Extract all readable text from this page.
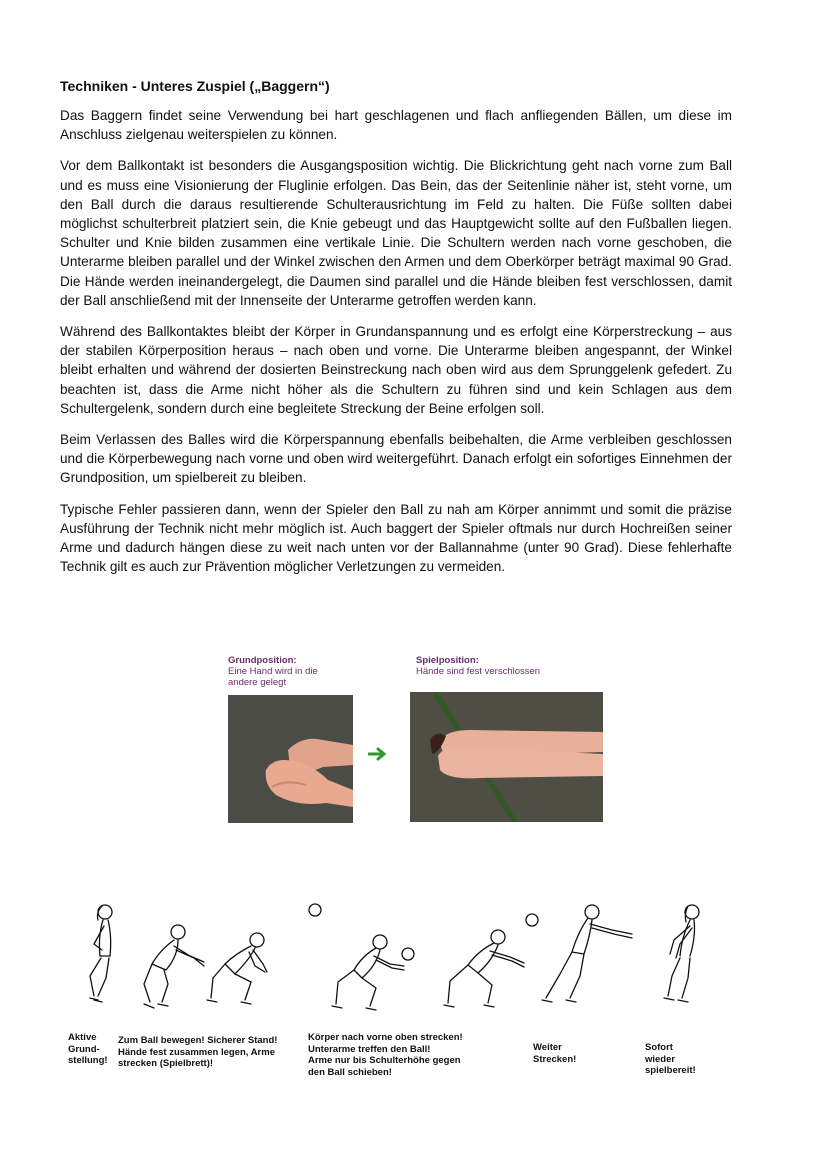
Techniken - Unteres Zuspiel („Baggern“)

Das Baggern findet seine Verwendung bei hart geschlagenen und flach anfliegenden Bällen, um diese im Anschluss zielgenau weiterspielen zu können.

Vor dem Ballkontakt ist besonders die Ausgangsposition wichtig. Die Blickrichtung geht nach vorne zum Ball und es muss eine Visionierung der Fluglinie erfolgen. Das Bein, das der Seitenlinie näher ist, steht vorne, um den Ball durch die daraus resultierende Schulterausrichtung im Feld zu halten. Die Füße sollten dabei möglichst schulterbreit platziert sein, die Knie gebeugt und das Hauptgewicht sollte auf den Fußballen liegen. Schulter und Knie bilden zusammen eine vertikale Linie. Die Schultern werden nach vorne geschoben, die Unterarme bleiben parallel und der Winkel zwischen den Armen und dem Oberkörper beträgt maximal 90 Grad. Die Hände werden ineinandergelegt, die Daumen sind parallel und die Hände bleiben fest verschlossen, damit der Ball anschließend mit der Innenseite der Unterarme getroffen werden kann.

Während des Ballkontaktes bleibt der Körper in Grundanspannung und es erfolgt eine Körperstreckung – aus der stabilen Körperposition heraus – nach oben und vorne. Die Unterarme bleiben angespannt, der Winkel bleibt erhalten und während der dosierten Beinstreckung nach oben wird aus dem Sprunggelenk gefedert. Zu beachten ist, dass die Arme nicht höher als die Schultern zu führen sind und kein Schlagen aus dem Schultergelenk, sondern durch eine begleitete Streckung der Beine erfolgen soll.

Beim Verlassen des Balles wird die Körperspannung ebenfalls beibehalten, die Arme verbleiben geschlossen und die Körperbewegung nach vorne und oben wird weitergeführt. Danach erfolgt ein sofortiges Einnehmen der Grundposition, um spielbereit zu bleiben.

Typische Fehler passieren dann, wenn der Spieler den Ball zu nah am Körper annimmt und somit die präzise Ausführung der Technik nicht mehr möglich ist. Auch baggert der Spieler oftmals nur durch Hochreißen seiner Arme und dadurch hängen diese zu weit nach unten vor der Ballannahme (unter 90 Grad). Diese fehlerhafte Technik gilt es auch zur Prävention möglicher Verletzungen zu vermeiden.

Grundposition:
Eine Hand wird in die
andere gelegt
Spielposition:
Hände sind fest verschlossen
Aktive
Grund-
stellung!
Zum Ball bewegen! Sicherer Stand!
Hände fest zusammen legen, Arme
strecken (Spielbrett)!
Körper nach vorne oben strecken!
Unterarme treffen den Ball!
Arme nur bis Schulterhöhe gegen
den Ball schieben!
Weiter
Strecken!
Sofort
wieder
spielbereit!
